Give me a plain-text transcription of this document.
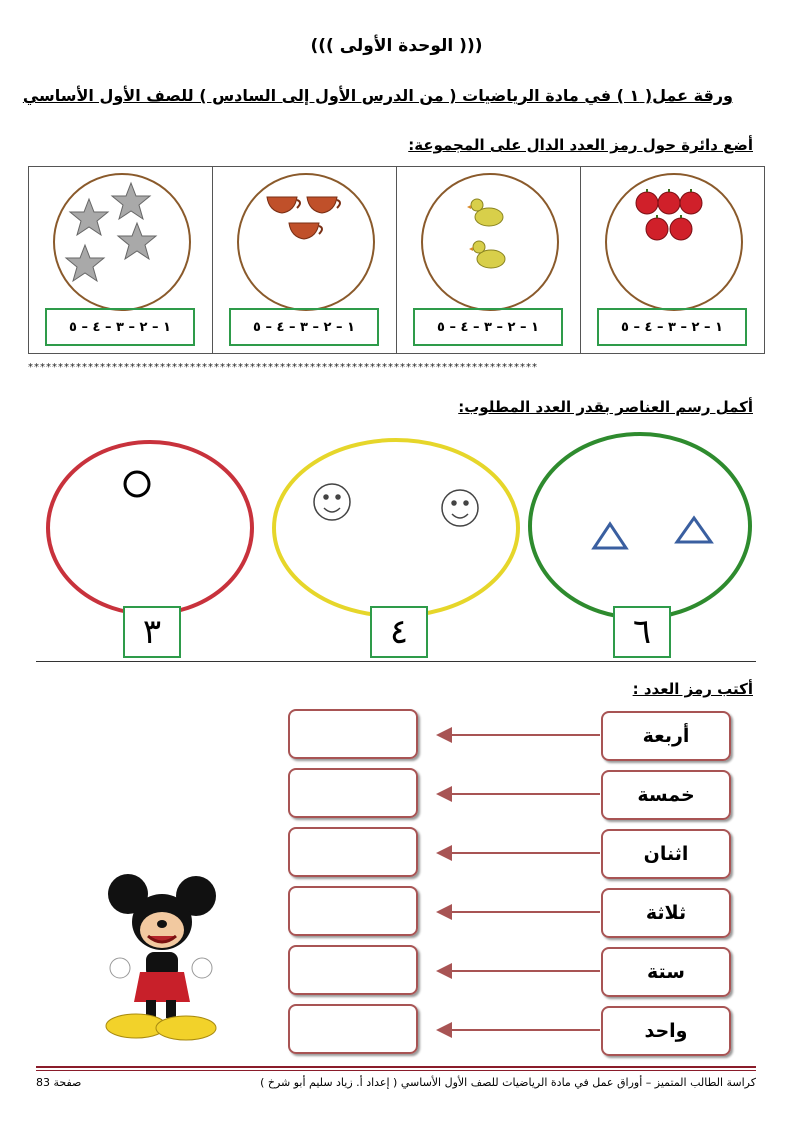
((( الوحدة الأولى )))
ورقة عمل( ١ ) في مادة الرياضيات ( من الدرس الأول إلى السادس ) للصف الأول الأساسي
أضع دائرة حول رمز العدد الدال على المجموعة:
١ – ٢ – ٣ – ٤ – ٥	١ – ٢ – ٣ – ٤ – ٥	١ – ٢ – ٣ – ٤ – ٥	١ – ٢ – ٣ – ٤ – ٥
*************************************************************************************
أكمل رسم العناصر بقدر العدد المطلوب:
٣	٤	٦
أكتب رمز العدد :
أربعة
خمسة
اثنان
ثلاثة
ستة
واحد
كراسة الطالب المتميز – أوراق عمل في مادة الرياضيات للصف الأول الأساسي ( إعداد أ. زياد سليم أبو شرخ )
صفحة 83
